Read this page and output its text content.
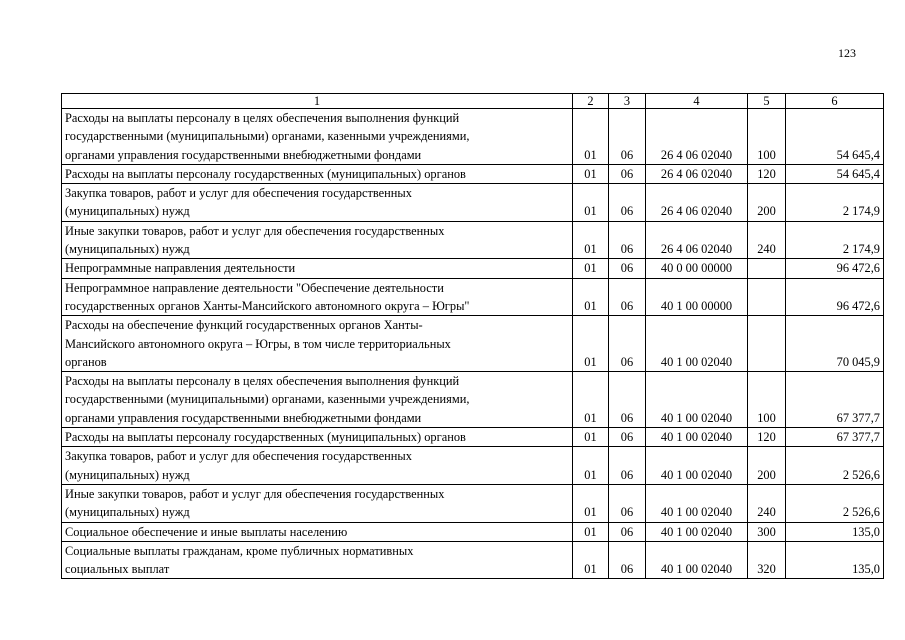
123
1	2	3	4	5	6

Расходы на выплаты персоналу в целях обеспечения выполнения функций
государственными (муниципальными) органами, казенными учреждениями,
органами управления государственными внебюджетными фондами	01	06	26 4 06 02040	100	54 645,4

Расходы на выплаты персоналу государственных (муниципальных) органов	01	06	26 4 06 02040	120	54 645,4

Закупка товаров, работ и услуг для обеспечения государственных
(муниципальных) нужд	01	06	26 4 06 02040	200	2 174,9

Иные закупки товаров, работ и услуг для обеспечения государственных
(муниципальных) нужд	01	06	26 4 06 02040	240	2 174,9

Непрограммные направления деятельности	01	06	40 0 00 00000		96 472,6

Непрограммное направление деятельности "Обеспечение деятельности
государственных органов Ханты-Мансийского автономного округа – Югры"	01	06	40 1 00 00000		96 472,6

Расходы на обеспечение функций государственных органов Ханты-
Мансийского автономного округа – Югры, в том числе территориальных
органов	01	06	40 1 00 02040		70 045,9

Расходы на выплаты персоналу в целях обеспечения выполнения функций
государственными (муниципальными) органами, казенными учреждениями,
органами управления государственными внебюджетными фондами	01	06	40 1 00 02040	100	67 377,7

Расходы на выплаты персоналу государственных (муниципальных) органов	01	06	40 1 00 02040	120	67 377,7

Закупка товаров, работ и услуг для обеспечения государственных
(муниципальных) нужд	01	06	40 1 00 02040	200	2 526,6

Иные закупки товаров, работ и услуг для обеспечения государственных
(муниципальных) нужд	01	06	40 1 00 02040	240	2 526,6

Социальное обеспечение и иные выплаты населению	01	06	40 1 00 02040	300	135,0

Социальные выплаты гражданам, кроме публичных нормативных
социальных выплат	01	06	40 1 00 02040	320	135,0
